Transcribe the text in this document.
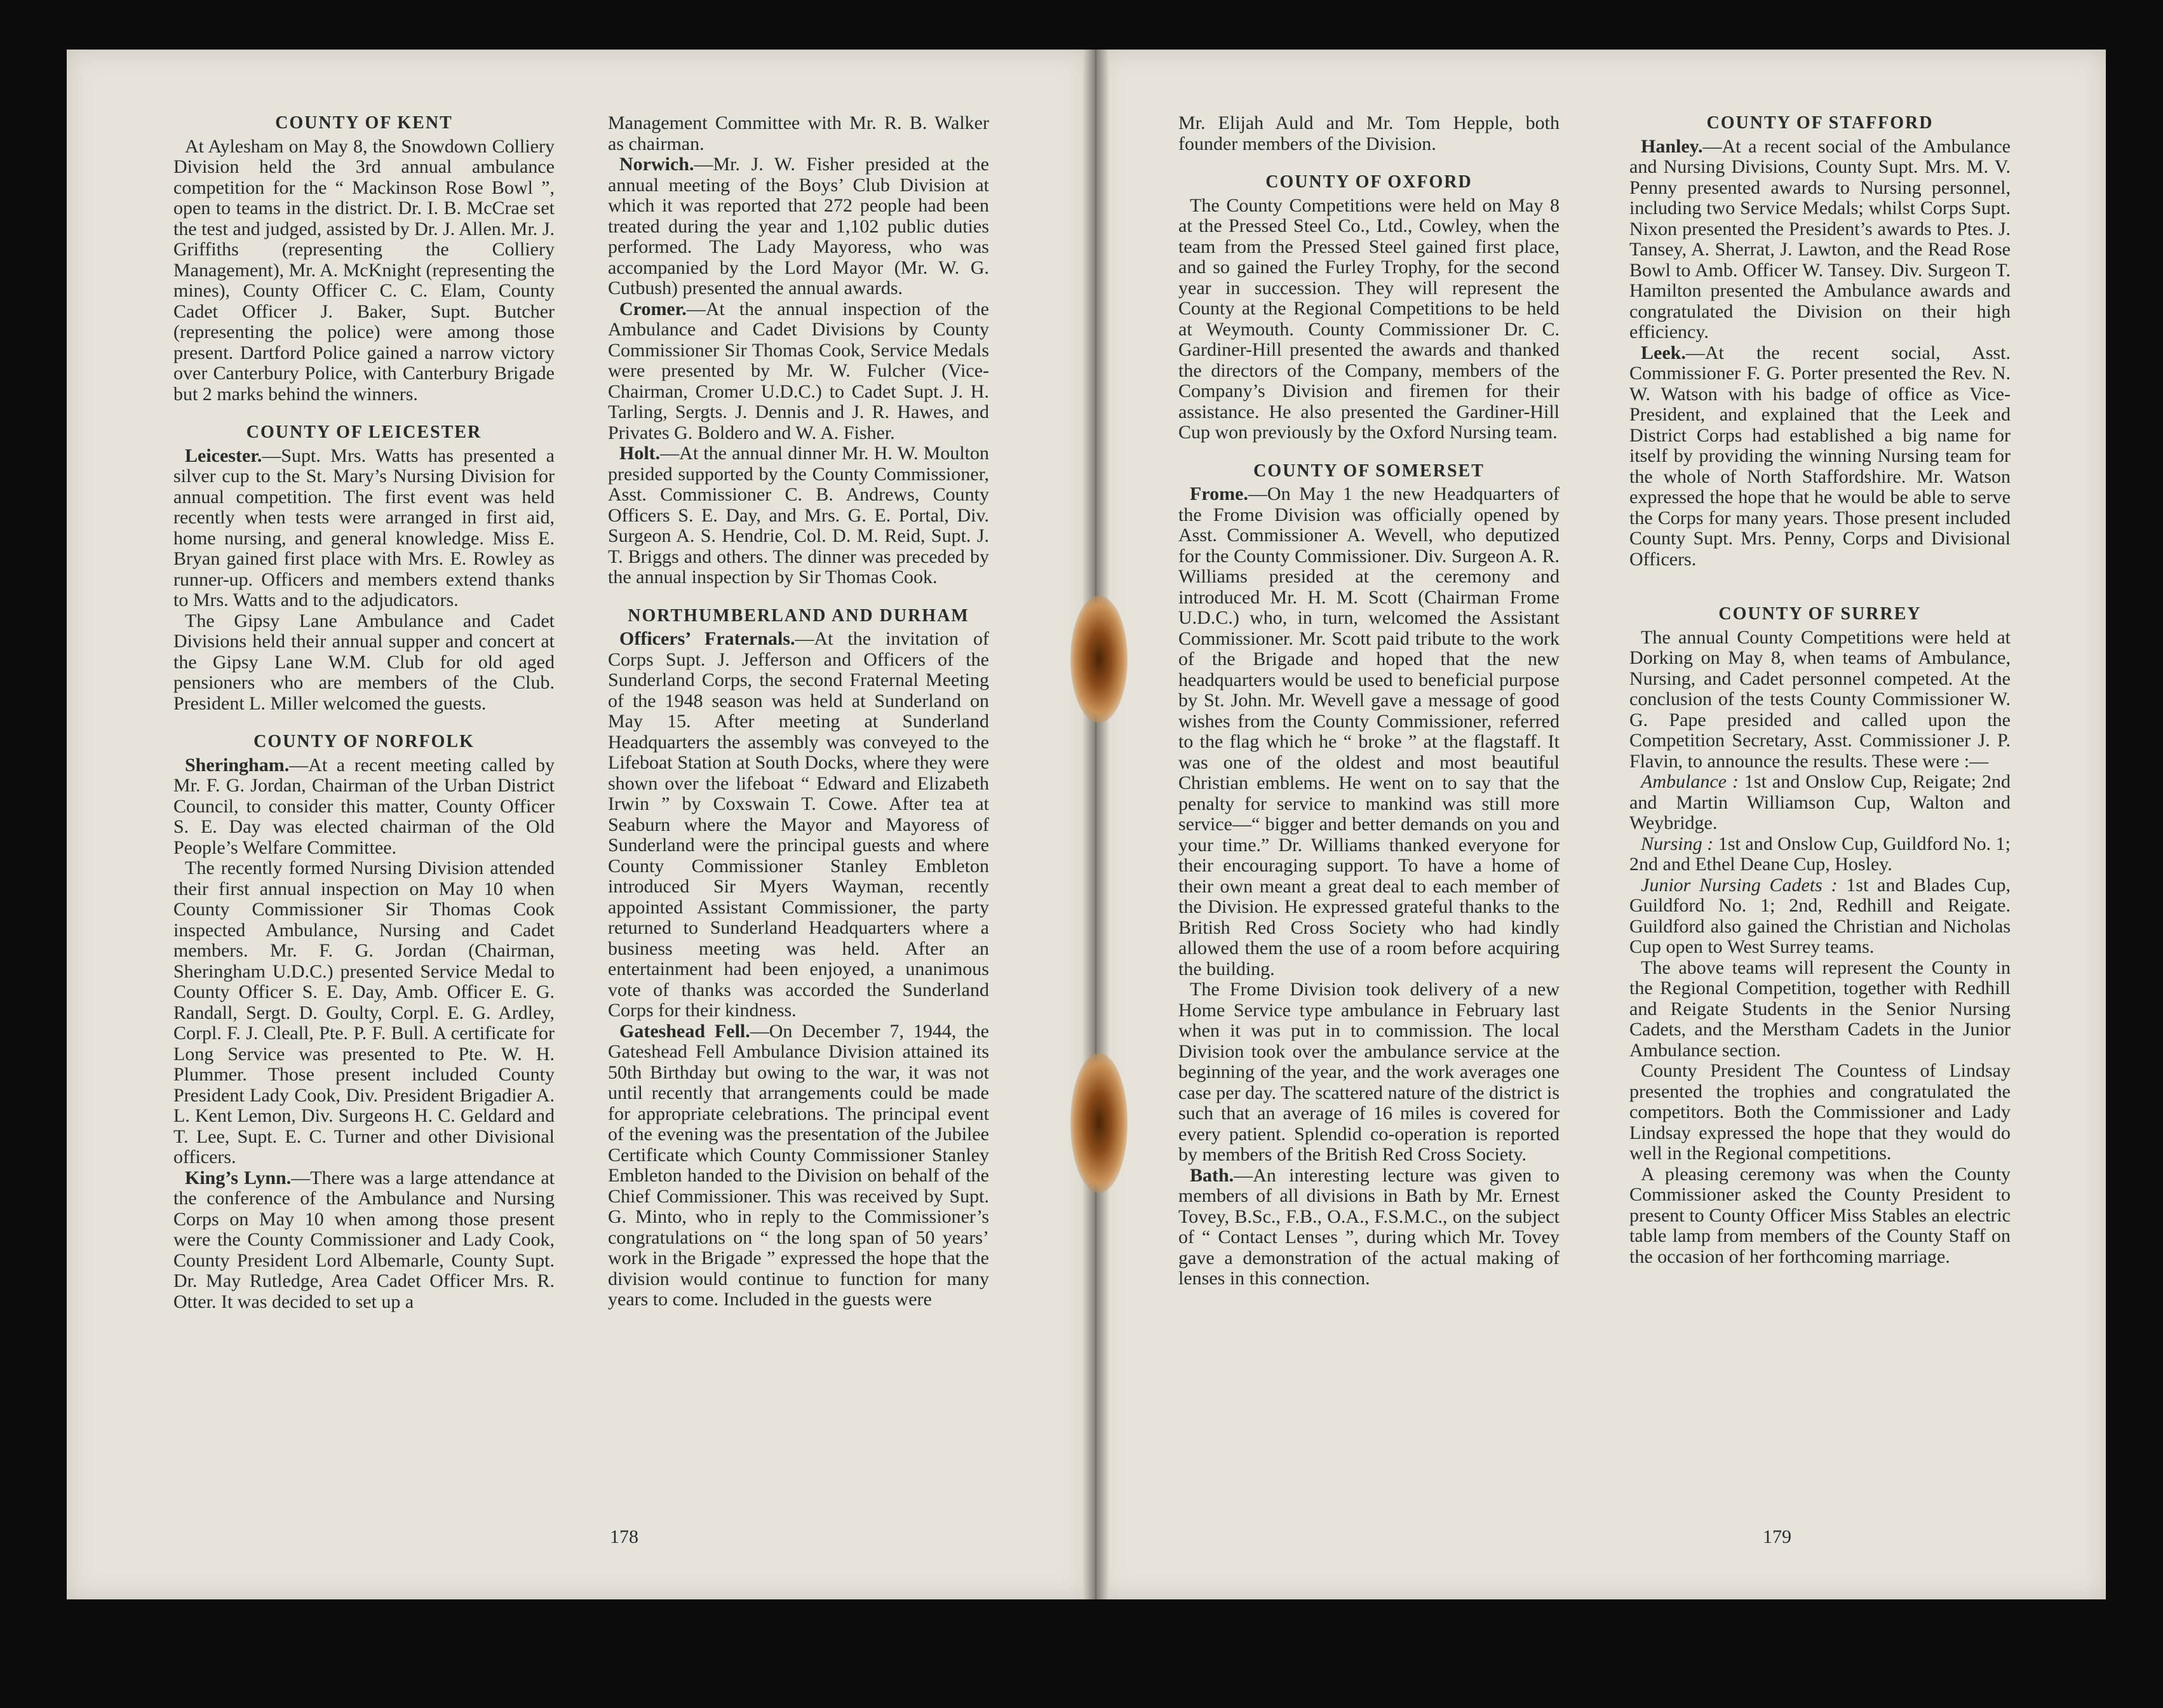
COUNTY OF KENT

At Aylesham on May 8, the Snowdown Colliery Division held the 3rd annual ambulance competition for the “ Mackinson Rose Bowl ”, open to teams in the district. Dr. I. B. McCrae set the test and judged, assisted by Dr. J. Allen. Mr. J. Griffiths (representing the Colliery Management), Mr. A. McKnight (representing the mines), County Officer C. C. Elam, County Cadet Officer J. Baker, Supt. Butcher (representing the police) were among those present. Dartford Police gained a narrow victory over Canterbury Police, with Canterbury Brigade but 2 marks behind the winners.

COUNTY OF LEICESTER

Leicester.—Supt. Mrs. Watts has presented a silver cup to the St. Mary’s Nursing Division for annual competition. The first event was held recently when tests were arranged in first aid, home nursing, and general knowledge. Miss E. Bryan gained first place with Mrs. E. Rowley as runner-up. Officers and members extend thanks to Mrs. Watts and to the adjudicators.

The Gipsy Lane Ambulance and Cadet Divisions held their annual supper and concert at the Gipsy Lane W.M. Club for old aged pensioners who are members of the Club. President L. Miller welcomed the guests.

COUNTY OF NORFOLK

Sheringham.—At a recent meeting called by Mr. F. G. Jordan, Chairman of the Urban District Council, to consider this matter, County Officer S. E. Day was elected chairman of the Old People’s Welfare Committee.

The recently formed Nursing Division attended their first annual inspection on May 10 when County Commissioner Sir Thomas Cook inspected Ambulance, Nursing and Cadet members. Mr. F. G. Jordan (Chairman, Sheringham U.D.C.) presented Service Medal to County Officer S. E. Day, Amb. Officer E. G. Randall, Sergt. D. Goulty, Corpl. E. G. Ardley, Corpl. F. J. Cleall, Pte. P. F. Bull. A certificate for Long Service was presented to Pte. W. H. Plummer. Those present included County President Lady Cook, Div. President Brigadier A. L. Kent Lemon, Div. Surgeons H. C. Geldard and T. Lee, Supt. E. C. Turner and other Divisional officers.

King’s Lynn.—There was a large attendance at the conference of the Ambulance and Nursing Corps on May 10 when among those present were the County Commissioner and Lady Cook, County President Lord Albemarle, County Supt. Dr. May Rutledge, Area Cadet Officer Mrs. R. Otter. It was decided to set up a

Management Committee with Mr. R. B. Walker as chairman.

Norwich.—Mr. J. W. Fisher presided at the annual meeting of the Boys’ Club Division at which it was reported that 272 people had been treated during the year and 1,102 public duties performed. The Lady Mayoress, who was accompanied by the Lord Mayor (Mr. W. G. Cutbush) presented the annual awards.

Cromer.—At the annual inspection of the Ambulance and Cadet Divisions by County Commissioner Sir Thomas Cook, Service Medals were presented by Mr. W. Fulcher (Vice-Chairman, Cromer U.D.C.) to Cadet Supt. J. H. Tarling, Sergts. J. Dennis and J. R. Hawes, and Privates G. Boldero and W. A. Fisher.

Holt.—At the annual dinner Mr. H. W. Moulton presided supported by the County Commissioner, Asst. Commissioner C. B. Andrews, County Officers S. E. Day, and Mrs. G. E. Portal, Div. Surgeon A. S. Hendrie, Col. D. M. Reid, Supt. J. T. Briggs and others. The dinner was preceded by the annual inspection by Sir Thomas Cook.

NORTHUMBERLAND AND DURHAM

Officers’ Fraternals.—At the invitation of Corps Supt. J. Jefferson and Officers of the Sunderland Corps, the second Fraternal Meeting of the 1948 season was held at Sunderland on May 15. After meeting at Sunderland Headquarters the assembly was conveyed to the Lifeboat Station at South Docks, where they were shown over the lifeboat “ Edward and Elizabeth Irwin ” by Coxswain T. Cowe. After tea at Seaburn where the Mayor and Mayoress of Sunderland were the principal guests and where County Commissioner Stanley Embleton introduced Sir Myers Wayman, recently appointed Assistant Commissioner, the party returned to Sunderland Headquarters where a business meeting was held. After an entertainment had been enjoyed, a unanimous vote of thanks was accorded the Sunderland Corps for their kindness.

Gateshead Fell.—On December 7, 1944, the Gateshead Fell Ambulance Division attained its 50th Birthday but owing to the war, it was not until recently that arrangements could be made for appropriate celebrations. The principal event of the evening was the presentation of the Jubilee Certificate which County Commissioner Stanley Embleton handed to the Division on behalf of the Chief Commissioner. This was received by Supt. G. Minto, who in reply to the Commissioner’s congratulations on “ the long span of 50 years’ work in the Brigade ” expressed the hope that the division would continue to function for many years to come. Included in the guests were

178

Mr. Elijah Auld and Mr. Tom Hepple, both founder members of the Division.

COUNTY OF OXFORD

The County Competitions were held on May 8 at the Pressed Steel Co., Ltd., Cowley, when the team from the Pressed Steel gained first place, and so gained the Furley Trophy, for the second year in succession. They will represent the County at the Regional Competitions to be held at Weymouth. County Commissioner Dr. C. Gardiner-Hill presented the awards and thanked the directors of the Company, members of the Company’s Division and firemen for their assistance. He also presented the Gardiner-Hill Cup won previously by the Oxford Nursing team.

COUNTY OF SOMERSET

Frome.—On May 1 the new Headquarters of the Frome Division was officially opened by Asst. Commissioner A. Wevell, who deputized for the County Commissioner. Div. Surgeon A. R. Williams presided at the ceremony and introduced Mr. H. M. Scott (Chairman Frome U.D.C.) who, in turn, welcomed the Assistant Commissioner. Mr. Scott paid tribute to the work of the Brigade and hoped that the new headquarters would be used to beneficial purpose by St. John. Mr. Wevell gave a message of good wishes from the County Commissioner, referred to the flag which he “ broke ” at the flagstaff. It was one of the oldest and most beautiful Christian emblems. He went on to say that the penalty for service to mankind was still more service—“ bigger and better demands on you and your time.” Dr. Williams thanked everyone for their encouraging support. To have a home of their own meant a great deal to each member of the Division. He expressed grateful thanks to the British Red Cross Society who had kindly allowed them the use of a room before acquiring the building.

The Frome Division took delivery of a new Home Service type ambulance in February last when it was put in to commission. The local Division took over the ambulance service at the beginning of the year, and the work averages one case per day. The scattered nature of the district is such that an average of 16 miles is covered for every patient. Splendid co-operation is reported by members of the British Red Cross Society.

Bath.—An interesting lecture was given to members of all divisions in Bath by Mr. Ernest Tovey, B.Sc., F.B., O.A., F.S.M.C., on the subject of “ Contact Lenses ”, during which Mr. Tovey gave a demonstration of the actual making of lenses in this connection.

COUNTY OF STAFFORD

Hanley.—At a recent social of the Ambulance and Nursing Divisions, County Supt. Mrs. M. V. Penny presented awards to Nursing personnel, including two Service Medals; whilst Corps Supt. Nixon presented the President’s awards to Ptes. J. Tansey, A. Sherrat, J. Lawton, and the Read Rose Bowl to Amb. Officer W. Tansey. Div. Surgeon T. Hamilton presented the Ambulance awards and congratulated the Division on their high efficiency.

Leek.—At the recent social, Asst. Commissioner F. G. Porter presented the Rev. N. W. Watson with his badge of office as Vice-President, and explained that the Leek and District Corps had established a big name for itself by providing the winning Nursing team for the whole of North Staffordshire. Mr. Watson expressed the hope that he would be able to serve the Corps for many years. Those present included County Supt. Mrs. Penny, Corps and Divisional Officers.

COUNTY OF SURREY

The annual County Competitions were held at Dorking on May 8, when teams of Ambulance, Nursing, and Cadet personnel competed. At the conclusion of the tests County Commissioner W. G. Pape presided and called upon the Competition Secretary, Asst. Commissioner J. P. Flavin, to announce the results. These were :—

Ambulance : 1st and Onslow Cup, Reigate; 2nd and Martin Williamson Cup, Walton and Weybridge.

Nursing : 1st and Onslow Cup, Guildford No. 1; 2nd and Ethel Deane Cup, Hosley.

Junior Nursing Cadets : 1st and Blades Cup, Guildford No. 1; 2nd, Redhill and Reigate. Guildford also gained the Christian and Nicholas Cup open to West Surrey teams.

The above teams will represent the County in the Regional Competition, together with Redhill and Reigate Students in the Senior Nursing Cadets, and the Merstham Cadets in the Junior Ambulance section.

County President The Countess of Lindsay presented the trophies and congratulated the competitors. Both the Commissioner and Lady Lindsay expressed the hope that they would do well in the Regional competitions.

A pleasing ceremony was when the County Commissioner asked the County President to present to County Officer Miss Stables an electric table lamp from members of the County Staff on the occasion of her forthcoming marriage.

179
